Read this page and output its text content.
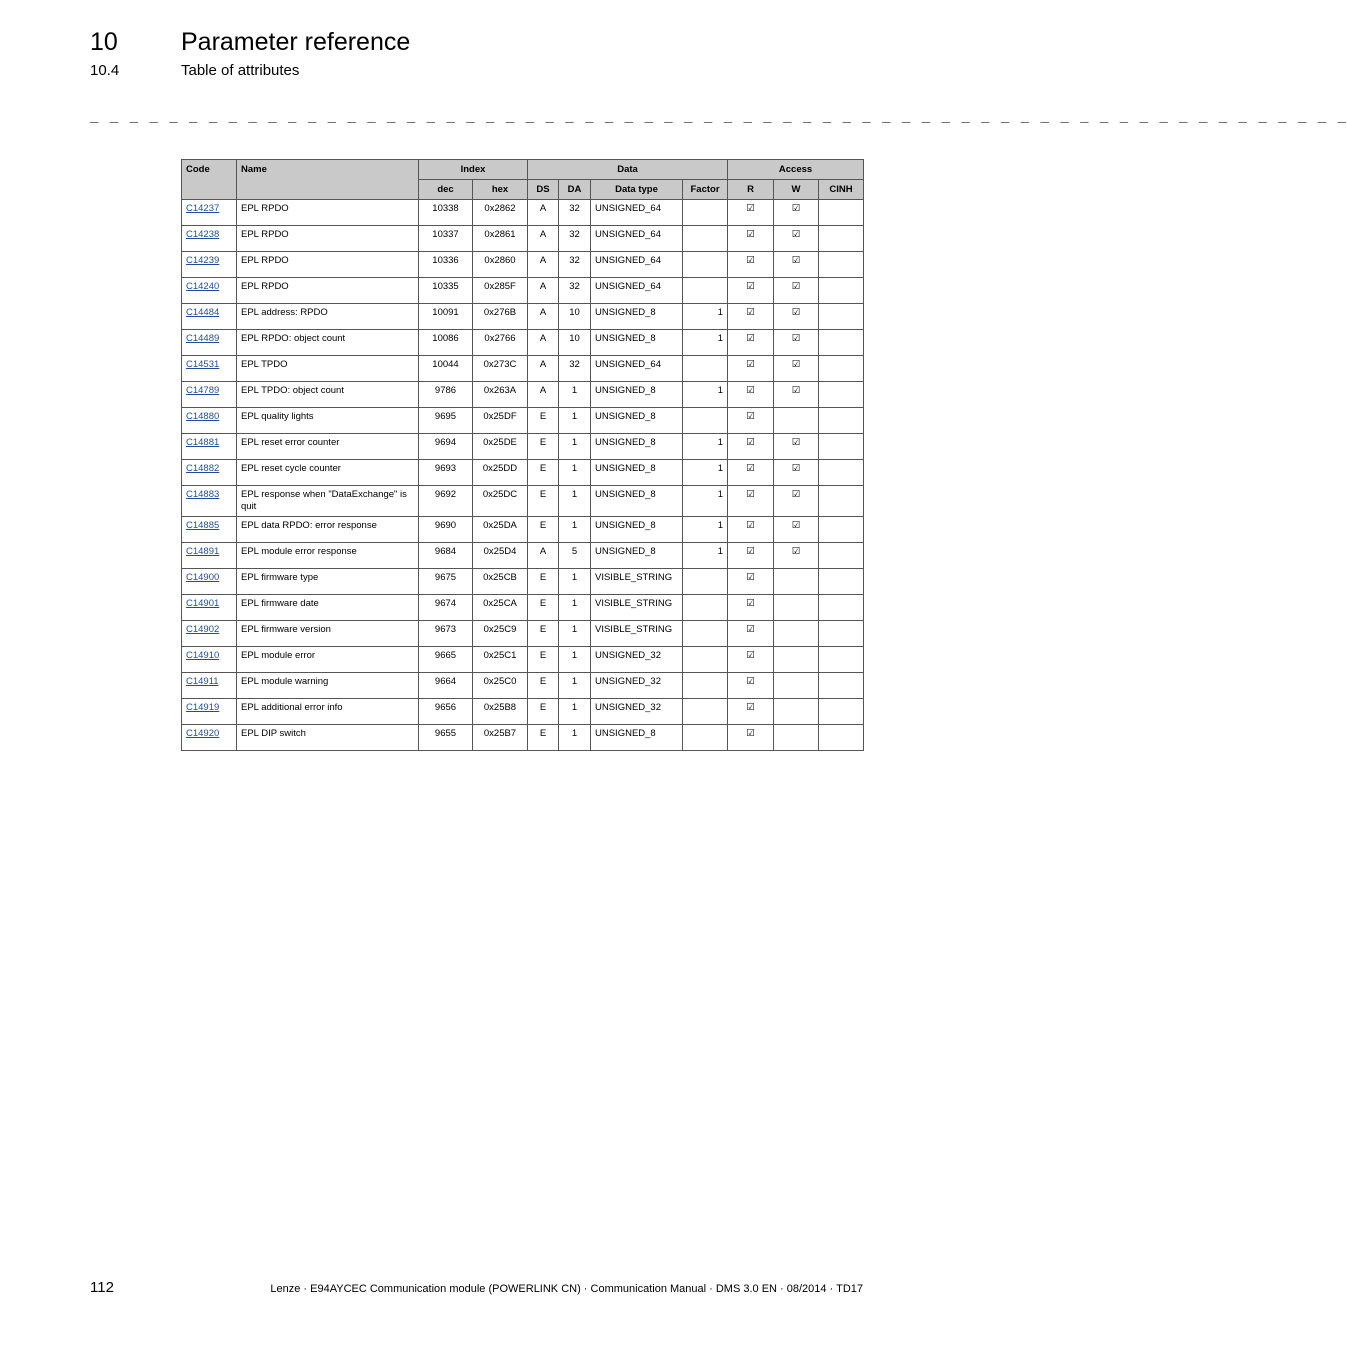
10	Parameter reference
10.4	Table of attributes
_ _ _ _ _ _ _ _ _ _ _ _ _ _ _ _ _ _ _ _ _ _ _ _ _ _ _ _ _ _ _ _ _ _ _ _ _ _ _ _ _ _ _ _ _ _ _ _ _ _ _ _ _ _ _ _ _ _ _ _ _ _ _ _
Code	Name	Index		Data				Access		
		dec	hex	DS	DA	Data type	Factor	R	W	CINH
C14237	EPL RPDO	10338	0x2862	A	32	UNSIGNED_64		☑	☑	
C14238	EPL RPDO	10337	0x2861	A	32	UNSIGNED_64		☑	☑	
C14239	EPL RPDO	10336	0x2860	A	32	UNSIGNED_64		☑	☑	
C14240	EPL RPDO	10335	0x285F	A	32	UNSIGNED_64		☑	☑	
C14484	EPL address: RPDO	10091	0x276B	A	10	UNSIGNED_8	1	☑	☑	
C14489	EPL RPDO: object count	10086	0x2766	A	10	UNSIGNED_8	1	☑	☑	
C14531	EPL TPDO	10044	0x273C	A	32	UNSIGNED_64		☑	☑	
C14789	EPL TPDO: object count	9786	0x263A	A	1	UNSIGNED_8	1	☑	☑	
C14880	EPL quality lights	9695	0x25DF	E	1	UNSIGNED_8		☑		
C14881	EPL reset error counter	9694	0x25DE	E	1	UNSIGNED_8	1	☑	☑	
C14882	EPL reset cycle counter	9693	0x25DD	E	1	UNSIGNED_8	1	☑	☑	
C14883	EPL response when "DataExchange" is quit	9692	0x25DC	E	1	UNSIGNED_8	1	☑	☑	
C14885	EPL data RPDO: error response	9690	0x25DA	E	1	UNSIGNED_8	1	☑	☑	
C14891	EPL module error response	9684	0x25D4	A	5	UNSIGNED_8	1	☑	☑	
C14900	EPL firmware type	9675	0x25CB	E	1	VISIBLE_STRING		☑		
C14901	EPL firmware date	9674	0x25CA	E	1	VISIBLE_STRING		☑		
C14902	EPL firmware version	9673	0x25C9	E	1	VISIBLE_STRING		☑		
C14910	EPL module error	9665	0x25C1	E	1	UNSIGNED_32		☑		
C14911	EPL module warning	9664	0x25C0	E	1	UNSIGNED_32		☑		
C14919	EPL additional error info	9656	0x25B8	E	1	UNSIGNED_32		☑		
C14920	EPL DIP switch	9655	0x25B7	E	1	UNSIGNED_8		☑		
112	Lenze · E94AYCEC Communication module (POWERLINK CN) · Communication Manual · DMS 3.0 EN · 08/2014 · TD17
